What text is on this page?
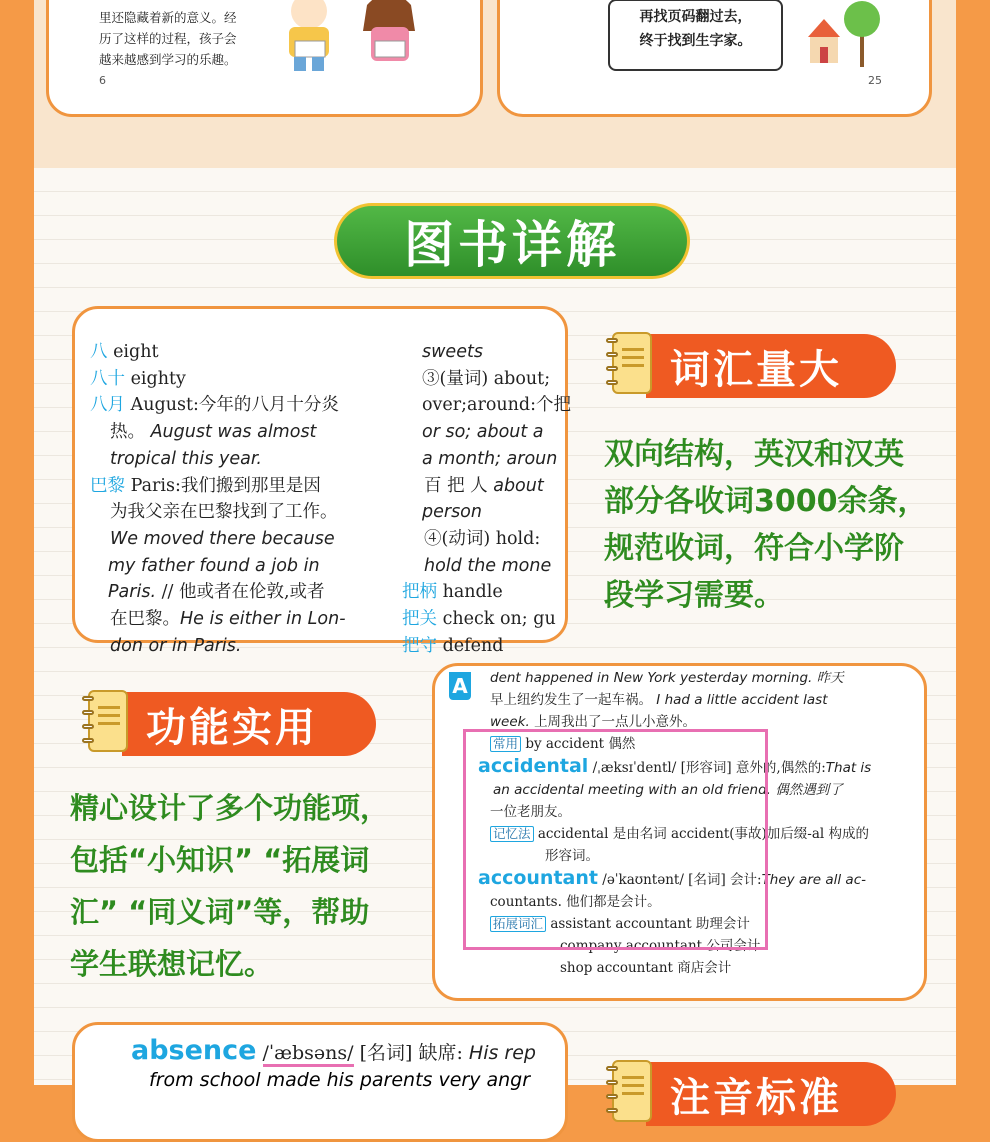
里还隐藏着新的意义。经
历了这样的过程，孩子会
越来越感到学习的乐趣。
6
再找页码翻过去，
终于找到生字家。
25
图书详解
八 eight
八十 eighty
八月 August:今年的八月十分炎
热。 August was almost
tropical this year.
巴黎 Paris:我们搬到那里是因
为我父亲在巴黎找到了工作。
We moved there because
my father found a job in
Paris. // 他或者在伦敦,或者
在巴黎。He is either in Lon-
don or in Paris.
sweets
③(量词) about;
over;around:个把
or so; about a
a month; aroun
百 把 人 about
person
④(动词) hold:
hold the mone
把柄 handle
把关 check on; gu
把守 defend
词汇量大
双向结构，英汉和汉英
部分各收词3000余条，
规范收词，符合小学阶
段学习需要。
功能实用
精心设计了多个功能项，
包括“小知识” “拓展词
汇” “同义词”等，帮助
学生联想记忆。
A dent happened in New York yesterday morning. 昨天
早上纽约发生了一起车祸。 I had a little accident last
week. 上周我出了一点儿小意外。
常用 by accident 偶然
accidental /ˌæksɪˈdentl/ [形容词] 意外的,偶然的:That is
an accidental meeting with an old friend. 偶然遇到了
一位老朋友。
记忆法 accidental 是由名词 accident(事故)加后缀-al 构成的
形容词。
accountant /əˈkaʊntənt/ [名词] 会计:They are all ac-
countants. 他们都是会计。
拓展词汇 assistant accountant 助理会计
company accountant 公司会计
shop accountant 商店会计
absence /ˈæbsəns/ [名词] 缺席: His rep
from school made his parents very angr	注音标准
